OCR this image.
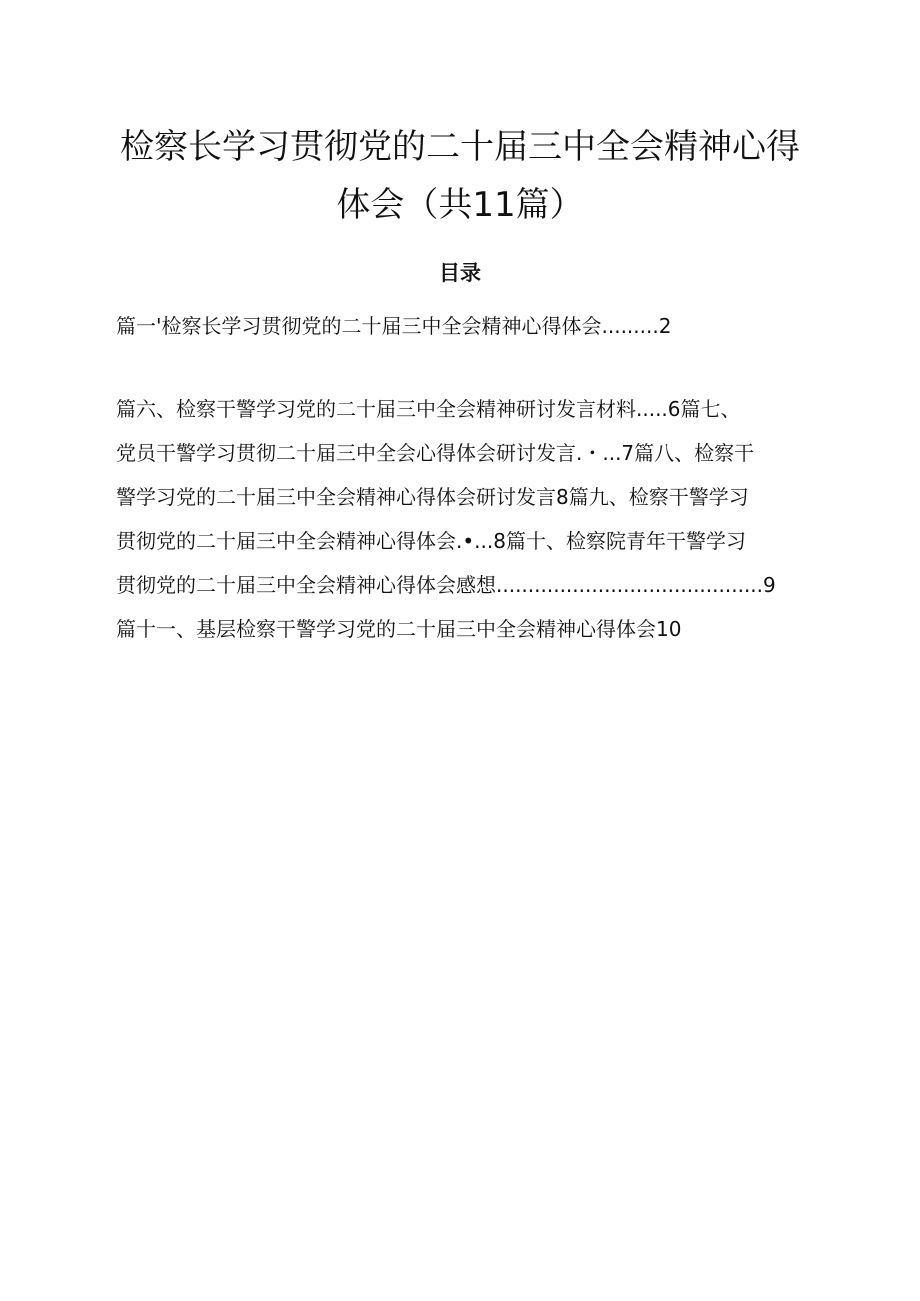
检察长学习贯彻党的二十届三中全会精神心得
体会（共11篇）
目录

篇一'检察长学习贯彻党的二十届三中全会精神心得体会.........2

篇六、检察干警学习党的二十届三中全会精神研讨发言材料.....6篇七、
党员干警学习贯彻二十届三中全会心得体会研讨发言.・...7篇八、检察干
警学习党的二十届三中全会精神心得体会研讨发言8篇九、检察干警学习
贯彻党的二十届三中全会精神心得体会.•...8篇十、检察院青年干警学习
贯彻党的二十届三中全会精神心得体会感想..........................................9
篇十一、基层检察干警学习党的二十届三中全会精神心得体会10
